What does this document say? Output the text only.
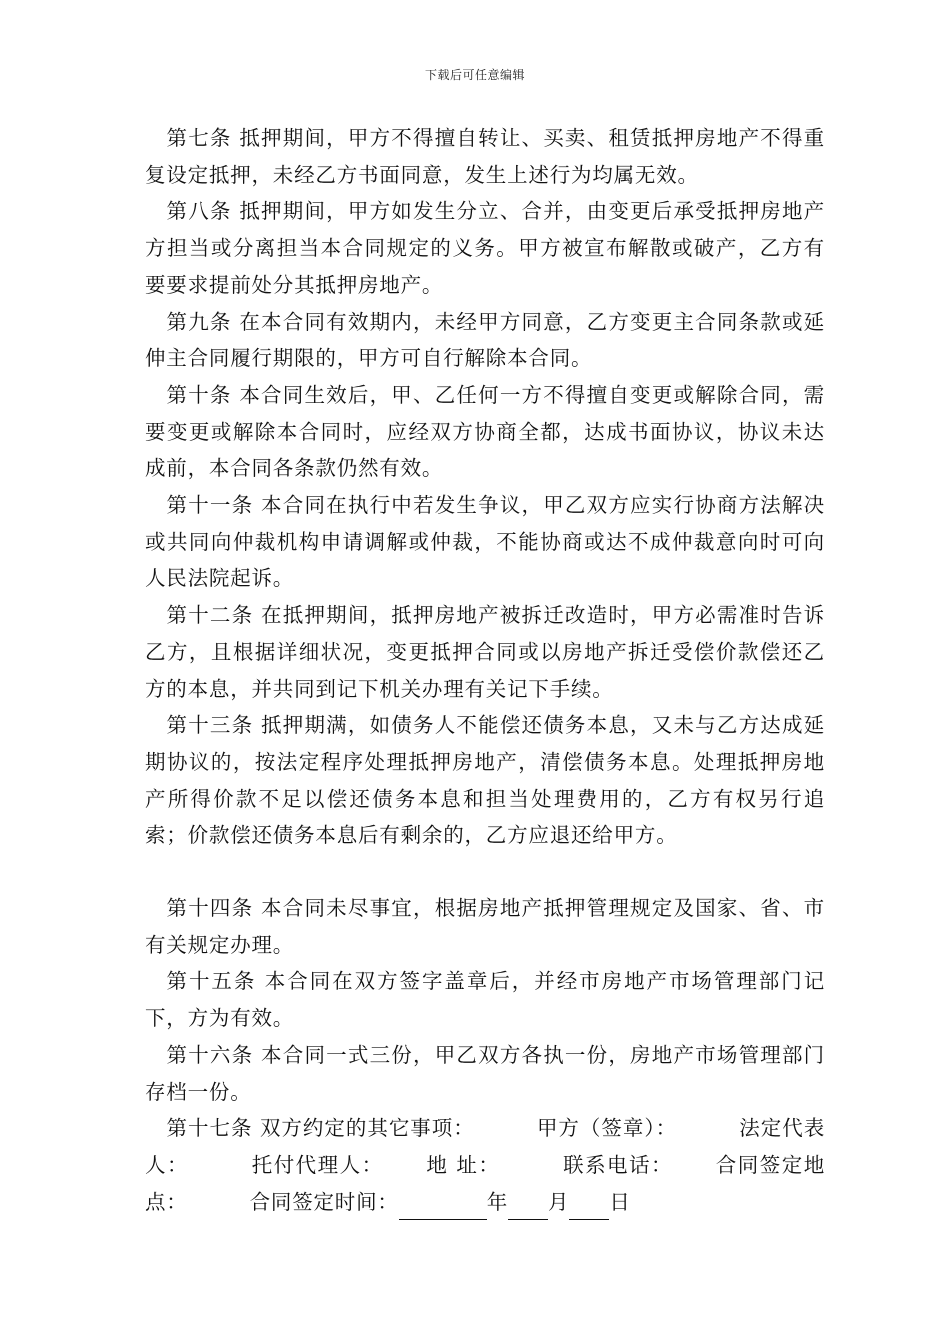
下载后可任意编辑

第七条 抵押期间，甲方不得擅自转让、买卖、租赁抵押房地产不得重复设定抵押，未经乙方书面同意，发生上述行为均属无效。

第八条 抵押期间，甲方如发生分立、合并，由变更后承受抵押房地产方担当或分离担当本合同规定的义务。甲方被宣布解散或破产，乙方有要要求提前处分其抵押房地产。

第九条 在本合同有效期内，未经甲方同意，乙方变更主合同条款或延伸主合同履行期限的，甲方可自行解除本合同。

第十条 本合同生效后，甲、乙任何一方不得擅自变更或解除合同，需要变更或解除本合同时，应经双方协商全都，达成书面协议，协议未达成前，本合同各条款仍然有效。

第十一条 本合同在执行中若发生争议，甲乙双方应实行协商方法解决或共同向仲裁机构申请调解或仲裁，不能协商或达不成仲裁意向时可向人民法院起诉。

第十二条 在抵押期间，抵押房地产被拆迁改造时，甲方必需准时告诉乙方，且根据详细状况，变更抵押合同或以房地产拆迁受偿价款偿还乙方的本息，并共同到记下机关办理有关记下手续。

第十三条 抵押期满，如债务人不能偿还债务本息，又未与乙方达成延期协议的，按法定程序处理抵押房地产，清偿债务本息。处理抵押房地产所得价款不足以偿还债务本息和担当处理费用的，乙方有权另行追索；价款偿还债务本息后有剩余的，乙方应退还给甲方。

第十四条 本合同未尽事宜，根据房地产抵押管理规定及国家、省、市有关规定办理。

第十五条 本合同在双方签字盖章后，并经市房地产市场管理部门记下，方为有效。

第十六条 本合同一式三份，甲乙双方各执一份，房地产市场管理部门存档一份。

第十七条 双方约定的其它事项：	甲方（签章）：	法定代表人：	托付代理人： 地 址：	联系电话： 合同签定地点：	合同签定时间：	年 月 日
